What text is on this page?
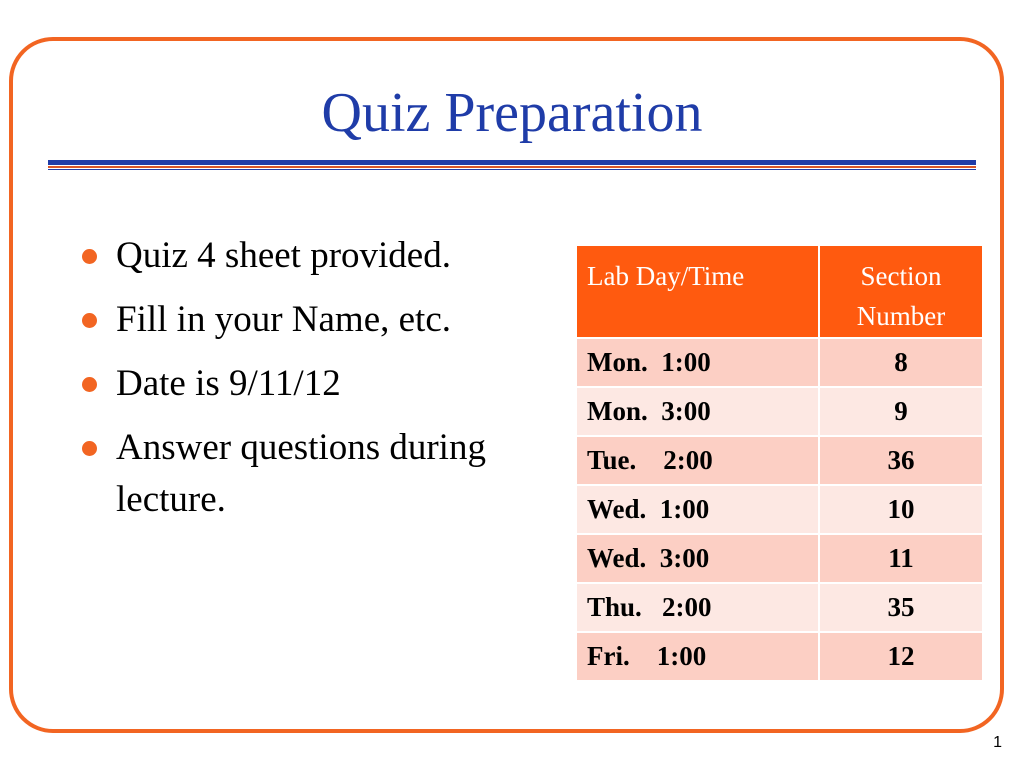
Quiz Preparation
Quiz 4 sheet provided.
Fill in your Name, etc.
Date is 9/11/12
Answer questions during lecture.
Lab Day/Time	Section Number
Mon.  1:00	8
Mon.  3:00	9
Tue.    2:00	36
Wed.  1:00	10
Wed.  3:00	11
Thu.   2:00	35
Fri.    1:00	12
1
